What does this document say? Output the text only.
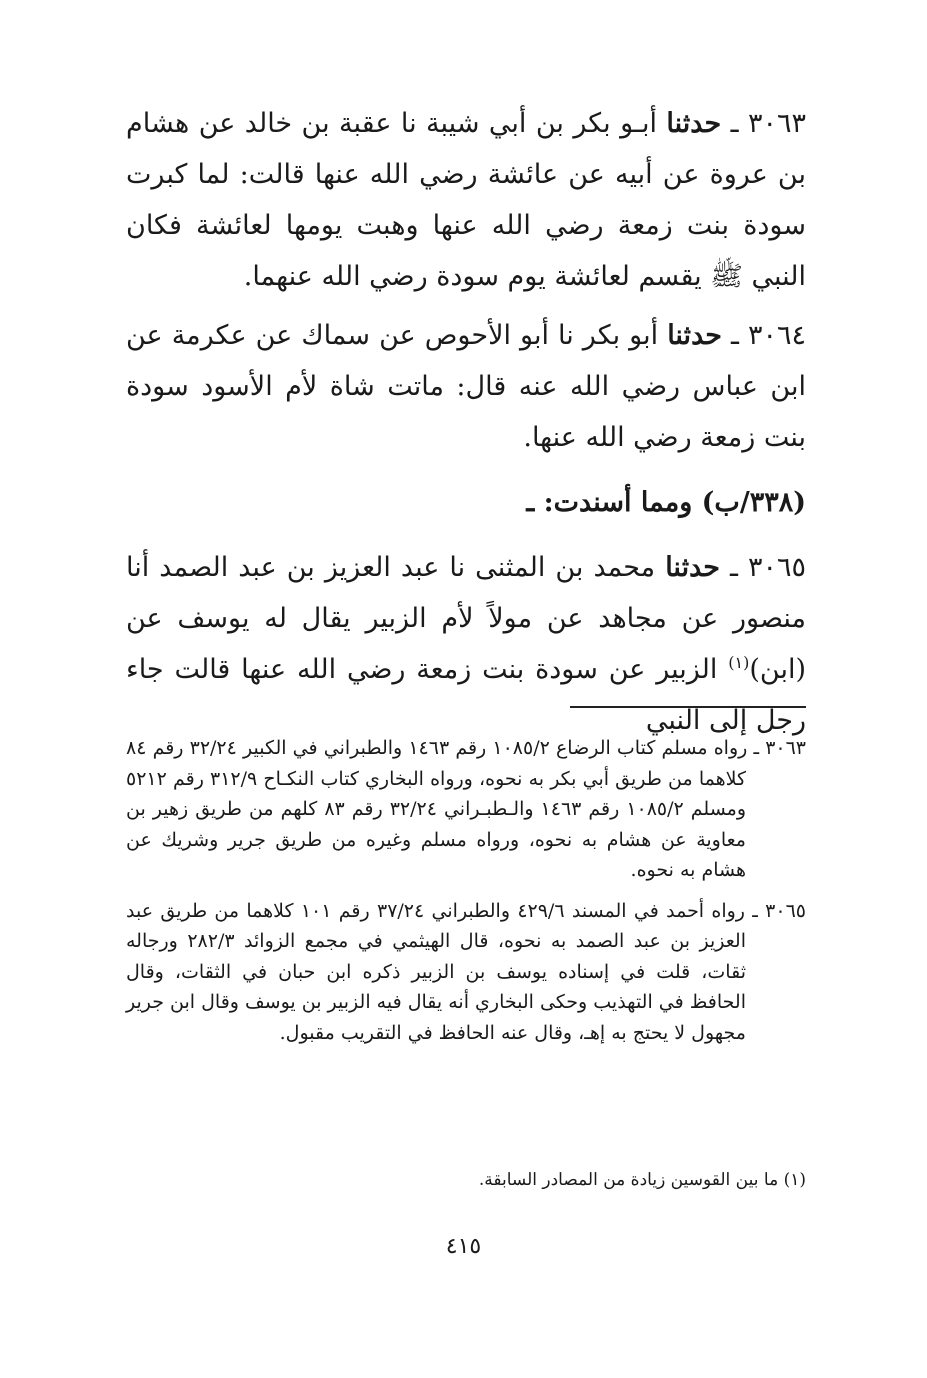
٣٠٦٣ ـ حدثنا أبـو بكر بن أبي شيبة نا عقبة بن خالد عن هشام بن عروة عن أبيه عن عائشة رضي الله عنها قالت: لما كبرت سودة بنت زمعة رضي الله عنها وهبت يومها لعائشة فكان النبي ﷺ يقسم لعائشة يوم سودة رضي الله عنهما.

٣٠٦٤ ـ حدثنا أبو بكر نا أبو الأحوص عن سماك عن عكرمة عن ابن عباس رضي الله عنه قال: ماتت شاة لأم الأسود سودة بنت زمعة رضي الله عنها.

(٣٣٨/ب) ومما أسندت: ـ

٣٠٦٥ ـ حدثنا محمد بن المثنى نا عبد العزيز بن عبد الصمد أنا منصور عن مجاهد عن مولاً لأم الزبير يقال له يوسف عن (ابن)$^{(١)}$ الزبير عن سودة بنت زمعة رضي الله عنها قالت جاء رجل إلى النبي

٣٠٦٣ ـ رواه مسلم كتاب الرضاع ١٠٨٥/٢ رقم ١٤٦٣ والطبراني في الكبير ٣٢/٢٤ رقم ٨٤ كلاهما من طريق أبي بكر به نحوه، ورواه البخاري كتاب النكـاح ٣١٢/٩ رقم ٥٢١٢ ومسلم ١٠٨٥/٢ رقم ١٤٦٣ والـطبـراني ٣٢/٢٤ رقم ٨٣ كلهم من طريق زهير بن معاوية عن هشام به نحوه، ورواه مسلم وغيره من طريق جرير وشريك عن هشام به نحوه.

٣٠٦٥ ـ رواه أحمد في المسند ٤٢٩/٦ والطبراني ٣٧/٢٤ رقم ١٠١ كلاهما من طريق عبد العزيز بن عبد الصمد به نحوه، قال الهيثمي في مجمع الزوائد ٢٨٢/٣ ورجاله ثقات، قلت في إسناده يوسف بن الزبير ذكره ابن حبان في الثقات، وقال الحافظ في التهذيب وحكى البخاري أنه يقال فيه الزبير بن يوسف وقال ابن جرير مجهول لا يحتج به إهـ، وقال عنه الحافظ في التقريب مقبول.

(١) ما بين القوسين زيادة من المصادر السابقة.
٤١٥
